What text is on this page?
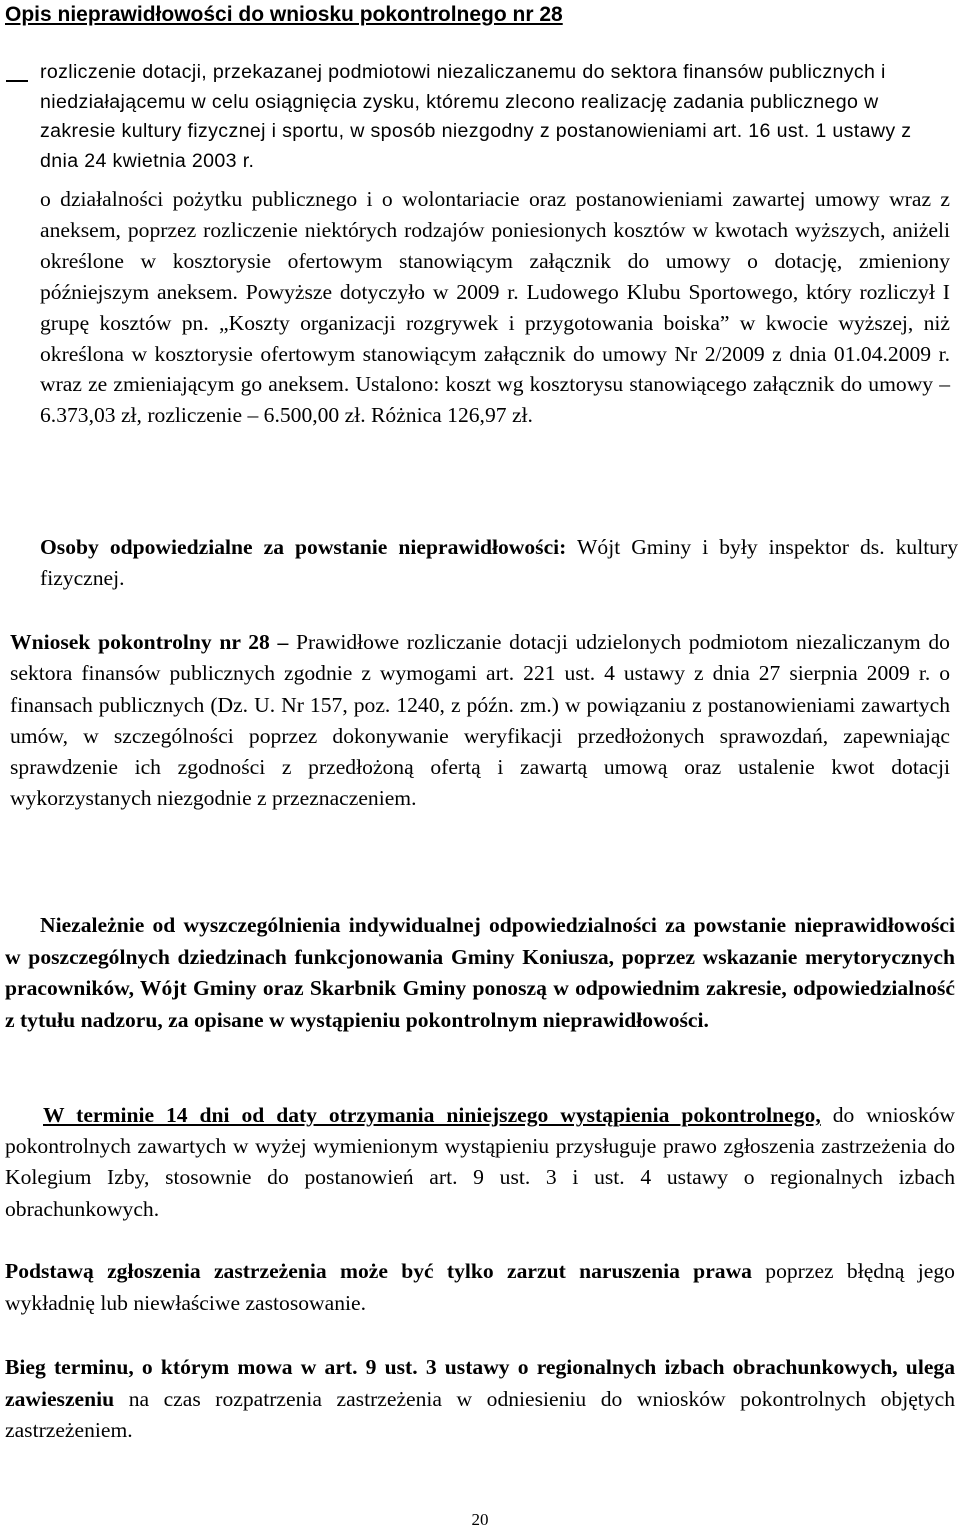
Opis nieprawidłowości do wniosku pokontrolnego nr 28
rozliczenie dotacji, przekazanej podmiotowi niezaliczanemu do sektora finansów publicznych i niedziałającemu w celu osiągnięcia zysku, któremu zlecono realizację zadania publicznego w zakresie kultury fizycznej i sportu, w sposób niezgodny z postanowieniami art. 16 ust. 1 ustawy z dnia 24 kwietnia 2003 r.
o działalności pożytku publicznego i o wolontariacie oraz postanowieniami zawartej umowy wraz z aneksem, poprzez rozliczenie niektórych rodzajów poniesionych kosztów w kwotach wyższych, aniżeli określone w kosztorysie ofertowym stanowiącym załącznik do umowy o dotację, zmieniony późniejszym aneksem. Powyższe dotyczyło w 2009 r. Ludowego Klubu Sportowego, który rozliczył I grupę kosztów pn. „Koszty organizacji rozgrywek i przygotowania boiska” w kwocie wyższej, niż określona w kosztorysie ofertowym stanowiącym załącznik do umowy Nr 2/2009 z dnia 01.04.2009 r. wraz ze zmieniającym go aneksem. Ustalono: koszt wg kosztorysu stanowiącego załącznik do umowy – 6.373,03 zł, rozliczenie – 6.500,00 zł. Różnica 126,97 zł.
Osoby odpowiedzialne za powstanie nieprawidłowości: Wójt Gminy i były inspektor ds. kultury fizycznej.
Wniosek pokontrolny nr 28 – Prawidłowe rozliczanie dotacji udzielonych podmiotom niezaliczanym do sektora finansów publicznych zgodnie z wymogami art. 221 ust. 4 ustawy z dnia 27 sierpnia 2009 r. o finansach publicznych (Dz. U. Nr 157, poz. 1240, z późn. zm.) w powiązaniu z postanowieniami zawartych umów, w szczególności poprzez dokonywanie weryfikacji przedłożonych sprawozdań, zapewniając sprawdzenie ich zgodności z przedłożoną ofertą i zawartą umową oraz ustalenie kwot dotacji wykorzystanych niezgodnie z przeznaczeniem.
Niezależnie od wyszczególnienia indywidualnej odpowiedzialności za powstanie nieprawidłowości w poszczególnych dziedzinach funkcjonowania Gminy Koniusza, poprzez wskazanie merytorycznych pracowników, Wójt Gminy oraz Skarbnik Gminy ponoszą w odpowiednim zakresie, odpowiedzialność z tytułu nadzoru, za opisane w wystąpieniu pokontrolnym nieprawidłowości.
W terminie 14 dni od daty otrzymania niniejszego wystąpienia pokontrolnego, do wniosków pokontrolnych zawartych w wyżej wymienionym wystąpieniu przysługuje prawo zgłoszenia zastrzeżenia do Kolegium Izby, stosownie do postanowień art. 9 ust. 3 i ust. 4 ustawy o regionalnych izbach obrachunkowych.
Podstawą zgłoszenia zastrzeżenia może być tylko zarzut naruszenia prawa poprzez błędną jego wykładnię lub niewłaściwe zastosowanie.
Bieg terminu, o którym mowa w art. 9 ust. 3 ustawy o regionalnych izbach obrachunkowych, ulega zawieszeniu na czas rozpatrzenia zastrzeżenia w odniesieniu do wniosków pokontrolnych objętych zastrzeżeniem.
20
